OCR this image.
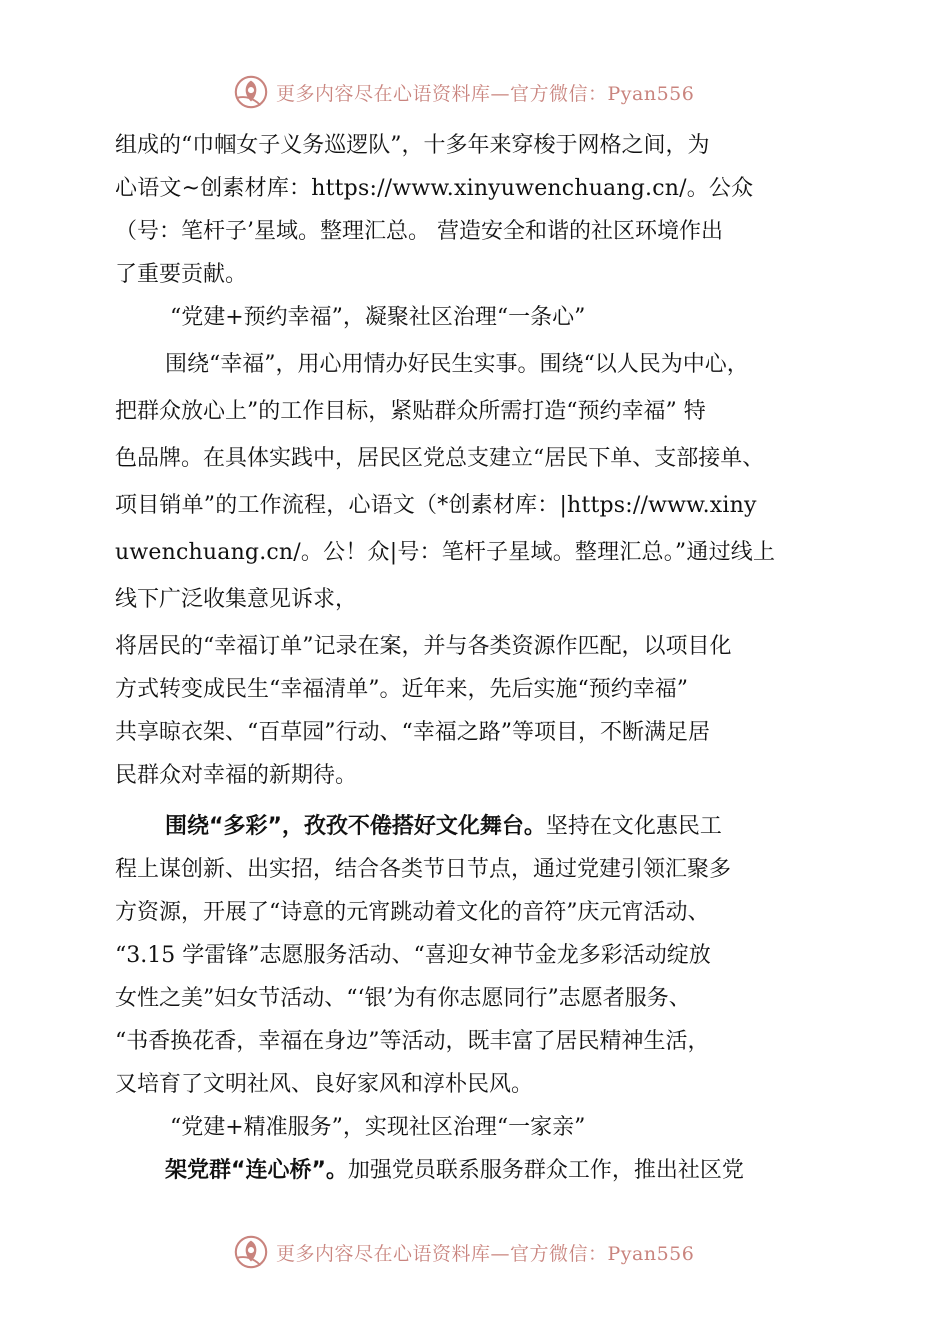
更多内容尽在心语资料库—官方微信：Pyan556
组成的“巾帼女子义务巡逻队”，十多年来穿梭于网格之间，为
心语文~创素材库：https://www.xinyuwenchuang.cn/。公众
（号：笔杆子’星域。整理汇总。 营造安全和谐的社区环境作出
了重要贡献。
“党建+预约幸福”，凝聚社区治理“一条心”
围绕“幸福”，用心用情办好民生实事。围绕“以人民为中心，
把群众放心上”的工作目标，紧贴群众所需打造“预约幸福” 特
色品牌。在具体实践中，居民区党总支建立“居民下单、支部接单、
项目销单”的工作流程，心语文（*创素材库：|https://www.xiny
uwenchuang.cn/。公！众|号：笔杆子星域。整理汇总。”通过线上
线下广泛收集意见诉求，
将居民的“幸福订单”记录在案，并与各类资源作匹配，以项目化
方式转变成民生“幸福清单”。近年来，先后实施“预约幸福”
共享晾衣架、“百草园”行动、“幸福之路”等项目，不断满足居
民群众对幸福的新期待。
围绕“多彩”，孜孜不倦搭好文化舞台。坚持在文化惠民工
程上谋创新、出实招，结合各类节日节点，通过党建引领汇聚多
方资源，开展了“诗意的元宵跳动着文化的音符”庆元宵活动、
“3.15 学雷锋”志愿服务活动、“喜迎女神节金龙多彩活动绽放
女性之美”妇女节活动、“‘银’为有你志愿同行”志愿者服务、
“书香换花香，幸福在身边”等活动，既丰富了居民精神生活，
又培育了文明社风、良好家风和淳朴民风。
“党建+精准服务”，实现社区治理“一家亲”
架党群“连心桥”。加强党员联系服务群众工作，推出社区党
更多内容尽在心语资料库—官方微信：Pyan556
